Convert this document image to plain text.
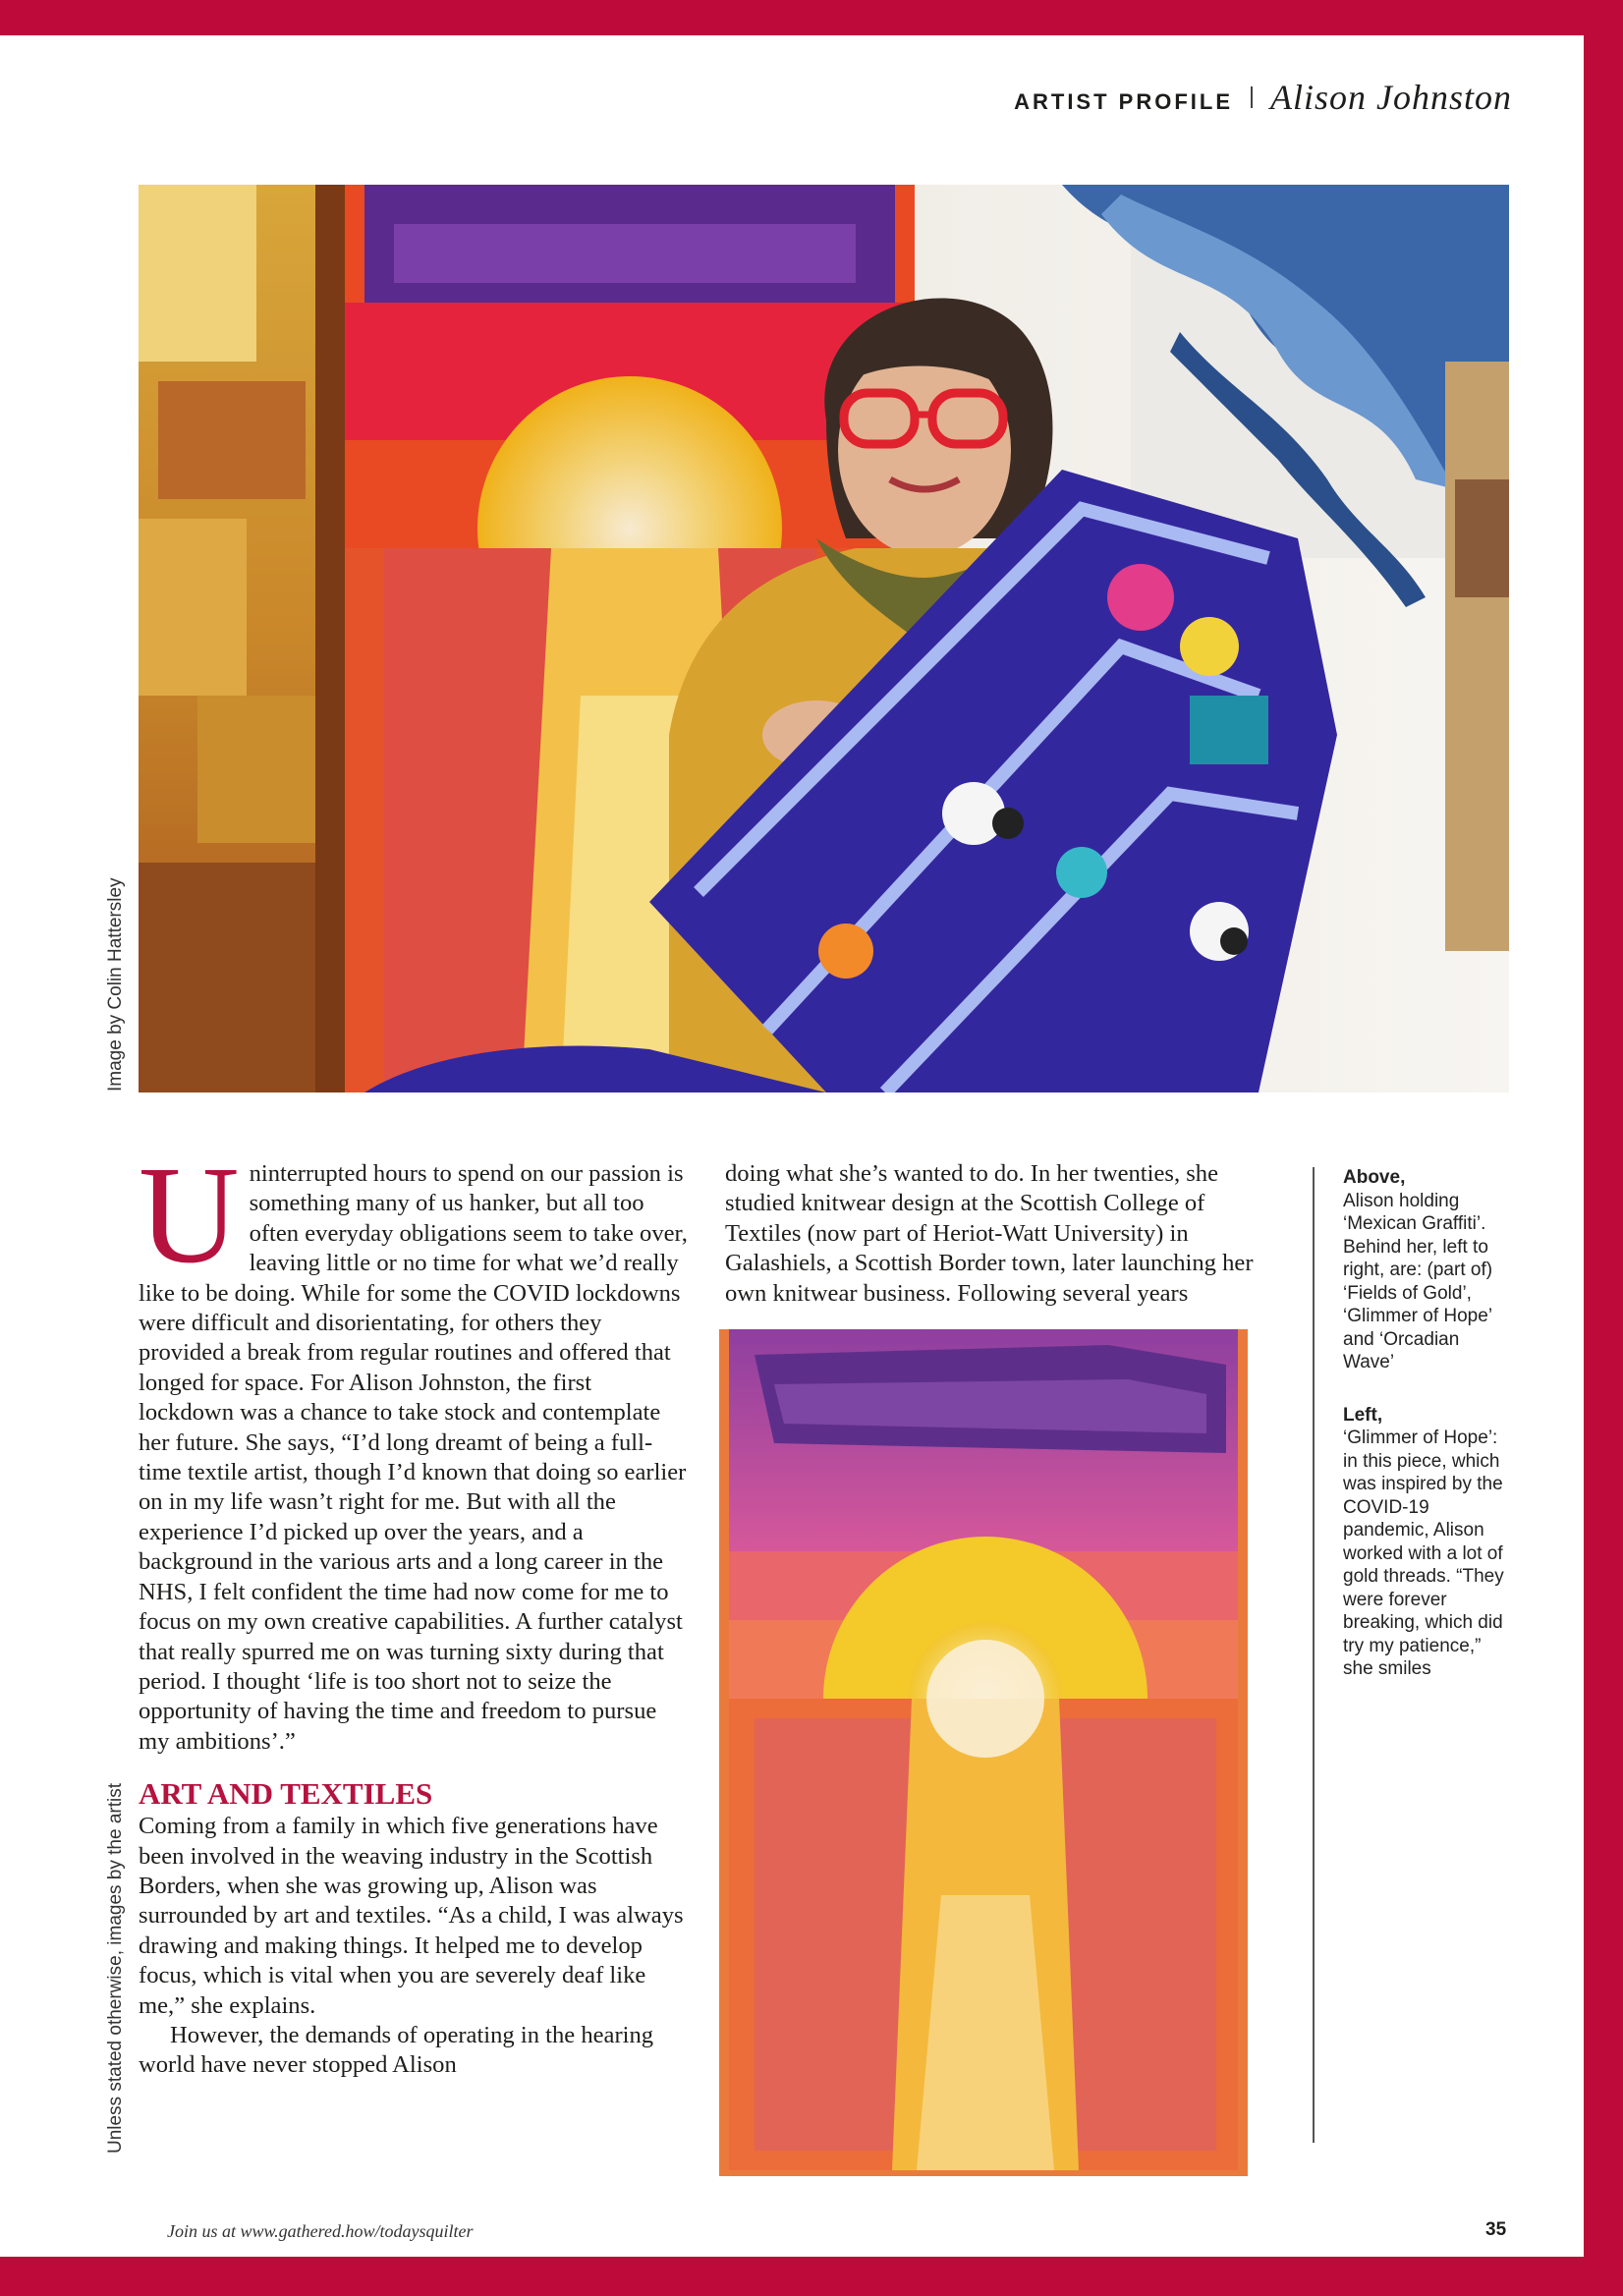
ARTIST PROFILE Alison Johnston
Image by Colin Hattersley
Unless stated otherwise, images by the artist

Uninterrupted hours to spend on our passion is something many of us hanker, but all too often everyday obligations seem to take over, leaving little or no time for what we’d really like to be doing. While for some the COVID lockdowns were difficult and disorientating, for others they provided a break from regular routines and offered that longed for space. For Alison Johnston, the first lockdown was a chance to take stock and contemplate her future. She says, “I’d long dreamt of being a full-time textile artist, though I’d known that doing so earlier on in my life wasn’t right for me. But with all the experience I’d picked up over the years, and a background in the various arts and a long career in the NHS, I felt confident the time had now come for me to focus on my own creative capabilities. A further catalyst that really spurred me on was turning sixty during that period. I thought ‘life is too short not to seize the opportunity of having the time and freedom to pursue my ambitions’.”

ART AND TEXTILES

Coming from a family in which five generations have been involved in the weaving industry in the Scottish Borders, when she was growing up, Alison was surrounded by art and textiles. “As a child, I was always drawing and making things. It helped me to develop focus, which is vital when you are severely deaf like me,” she explains.

However, the demands of operating in the hearing world have never stopped Alison

doing what she’s wanted to do. In her twenties, she studied knitwear design at the Scottish College of Textiles (now part of Heriot-Watt University) in Galashiels, a Scottish Border town, later launching her own knitwear business. Following several years

Above,
Alison holding ‘Mexican Graffiti’. Behind her, left to right, are: (part of) ‘Fields of Gold’, ‘Glimmer of Hope’ and ‘Orcadian Wave’
Left,
‘Glimmer of Hope’: in this piece, which was inspired by the COVID-19 pandemic, Alison worked with a lot of gold threads. “They were forever breaking, which did try my patience,” she smiles
Join us at www.gathered.how/todaysquilter	35
